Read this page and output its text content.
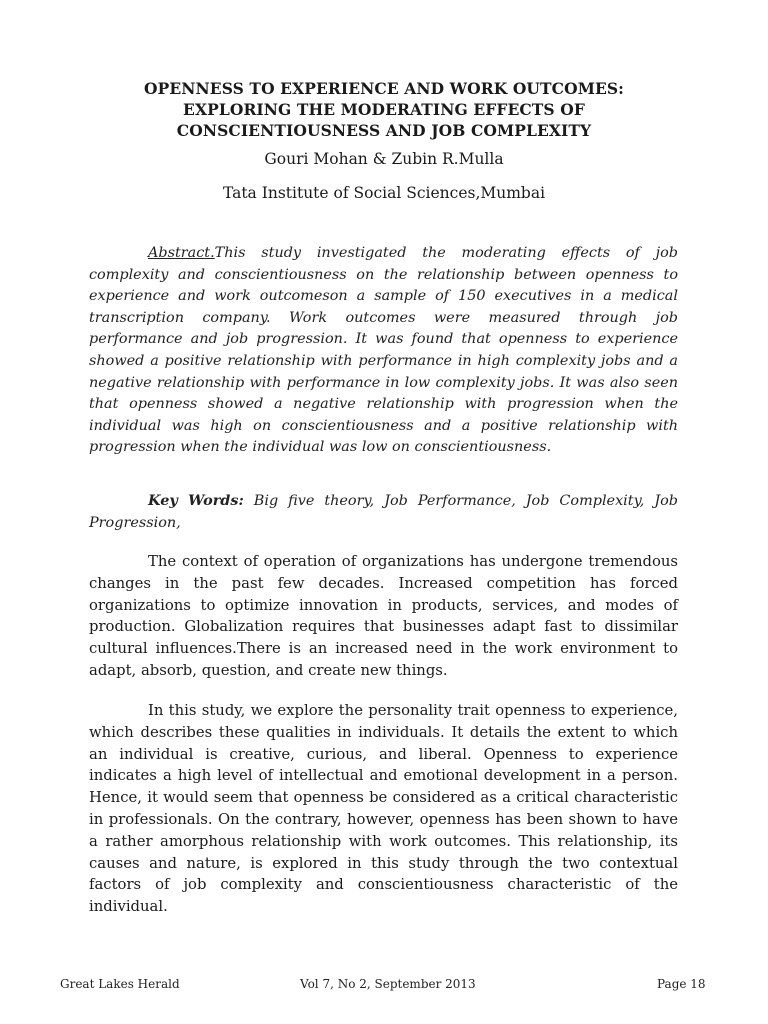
OPENNESS TO EXPERIENCE AND WORK OUTCOMES:
EXPLORING THE MODERATING EFFECTS OF
CONSCIENTIOUSNESS AND JOB COMPLEXITY

Gouri Mohan & Zubin R.Mulla

Tata Institute of Social Sciences,Mumbai

Abstract.This study investigated the moderating effects of job complexity and conscientiousness on the relationship between openness to experience and work outcomeson a sample of 150 executives in a medical transcription company. Work outcomes were measured through job performance and job progression. It was found that openness to experience showed a positive relationship with performance in high complexity jobs and a negative relationship with performance in low complexity jobs. It was also seen that openness showed a negative relationship with progression when the individual was high on conscientiousness and a positive relationship with progression when the individual was low on conscientiousness.

Key Words: Big five theory, Job Performance, Job Complexity, Job Progression,

The context of operation of organizations has undergone tremendous changes in the past few decades. Increased competition has forced organizations to optimize innovation in products, services, and modes of production. Globalization requires that businesses adapt fast to dissimilar cultural influences.There is an increased need in the work environment to adapt, absorb, question, and create new things.

In this study, we explore the personality trait openness to experience, which describes these qualities in individuals. It details the extent to which an individual is creative, curious, and liberal. Openness to experience indicates a high level of intellectual and emotional development in a person. Hence, it would seem that openness be considered as a critical characteristic in professionals. On the contrary, however, openness has been shown to have a rather amorphous relationship with work outcomes. This relationship, its causes and nature, is explored in this study through the two contextual factors of job complexity and conscientiousness characteristic of the individual.

Great Lakes Herald	Vol 7, No 2, September 2013	Page 18
